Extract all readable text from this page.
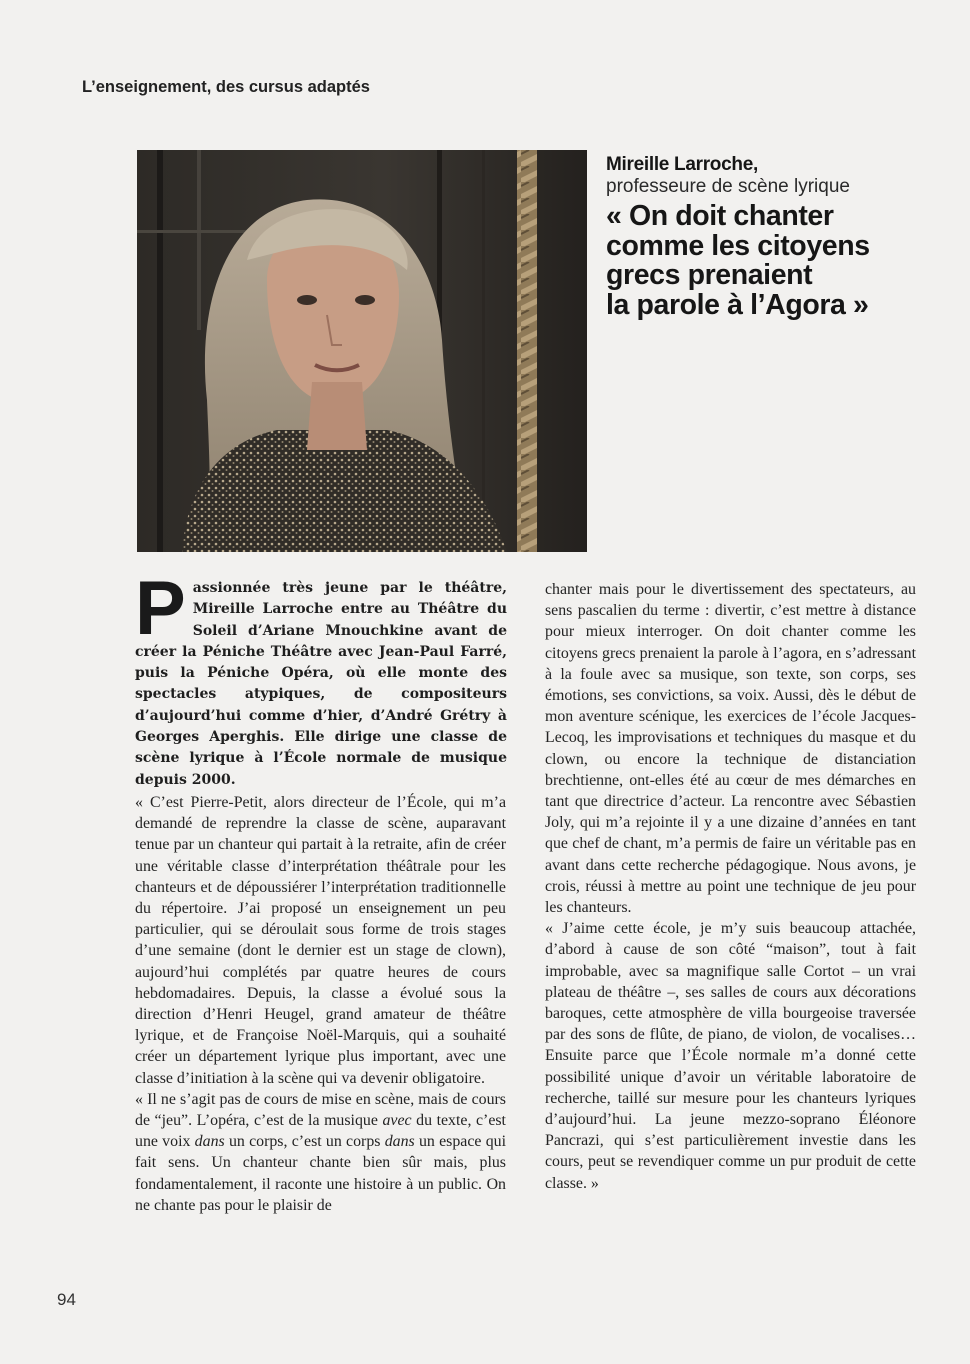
L’enseignement, des cursus adaptés
Mireille Larroche,
professeure de scène lyrique
« On doit chanter
comme les citoyens
grecs prenaient
la parole à l’Agora »
P assionnée très jeune par le théâtre, Mireille Larroche entre au Théâtre du Soleil d’Ariane Mnouchkine avant de créer la Péniche Théâtre avec Jean-Paul Farré, puis la Péniche Opéra, où elle monte des spectacles atypiques, de compositeurs d’aujourd’hui comme d’hier, d’André Grétry à Georges Aperghis. Elle dirige une classe de scène lyrique à l’École normale de musique depuis 2000.

« C’est Pierre-Petit, alors directeur de l’École, qui m’a demandé de reprendre la classe de scène, auparavant tenue par un chanteur qui partait à la retraite, afin de créer une véritable classe d’interprétation théâtrale pour les chanteurs et de dépoussiérer l’interprétation traditionnelle du répertoire. J’ai proposé un enseignement un peu particulier, qui se déroulait sous forme de trois stages d’une semaine (dont le dernier est un stage de clown), aujourd’hui complétés par quatre heures de cours hebdomadaires. Depuis, la classe a évolué sous la direction d’Henri Heugel, grand amateur de théâtre lyrique, et de Françoise Noël-Marquis, qui a souhaité créer un département lyrique plus important, avec une classe d’initiation à la scène qui va devenir obligatoire.

« Il ne s’agit pas de cours de mise en scène, mais de cours de “jeu”. L’opéra, c’est de la musique avec du texte, c’est une voix dans un corps, c’est un corps dans un espace qui fait sens. Un chanteur chante bien sûr mais, plus fondamentalement, il raconte une histoire à un public. On ne chante pas pour le plaisir de

chanter mais pour le divertissement des spectateurs, au sens pascalien du terme : divertir, c’est mettre à distance pour mieux interroger. On doit chanter comme les citoyens grecs prenaient la parole à l’agora, en s’adressant à la foule avec sa musique, son texte, son corps, ses émotions, ses convictions, sa voix. Aussi, dès le début de mon aventure scénique, les exercices de l’école Jacques-Lecoq, les improvisations et techniques du masque et du clown, ou encore la technique de distanciation brechtienne, ont-elles été au cœur de mes démarches en tant que directrice d’acteur. La rencontre avec Sébastien Joly, qui m’a rejointe il y a une dizaine d’années en tant que chef de chant, m’a permis de faire un véritable pas en avant dans cette recherche pédagogique. Nous avons, je crois, réussi à mettre au point une technique de jeu pour les chanteurs.

« J’aime cette école, je m’y suis beaucoup attachée, d’abord à cause de son côté “maison”, tout à fait improbable, avec sa magnifique salle Cortot – un vrai plateau de théâtre –, ses salles de cours aux décorations baroques, cette atmosphère de villa bourgeoise traversée par des sons de flûte, de piano, de violon, de vocalises… Ensuite parce que l’École normale m’a donné cette possibilité unique d’avoir un véritable laboratoire de recherche, taillé sur mesure pour les chanteurs lyriques d’aujourd’hui. La jeune mezzo-soprano Éléonore Pancrazi, qui s’est particulièrement investie dans les cours, peut se revendiquer comme un pur produit de cette classe. »

94
